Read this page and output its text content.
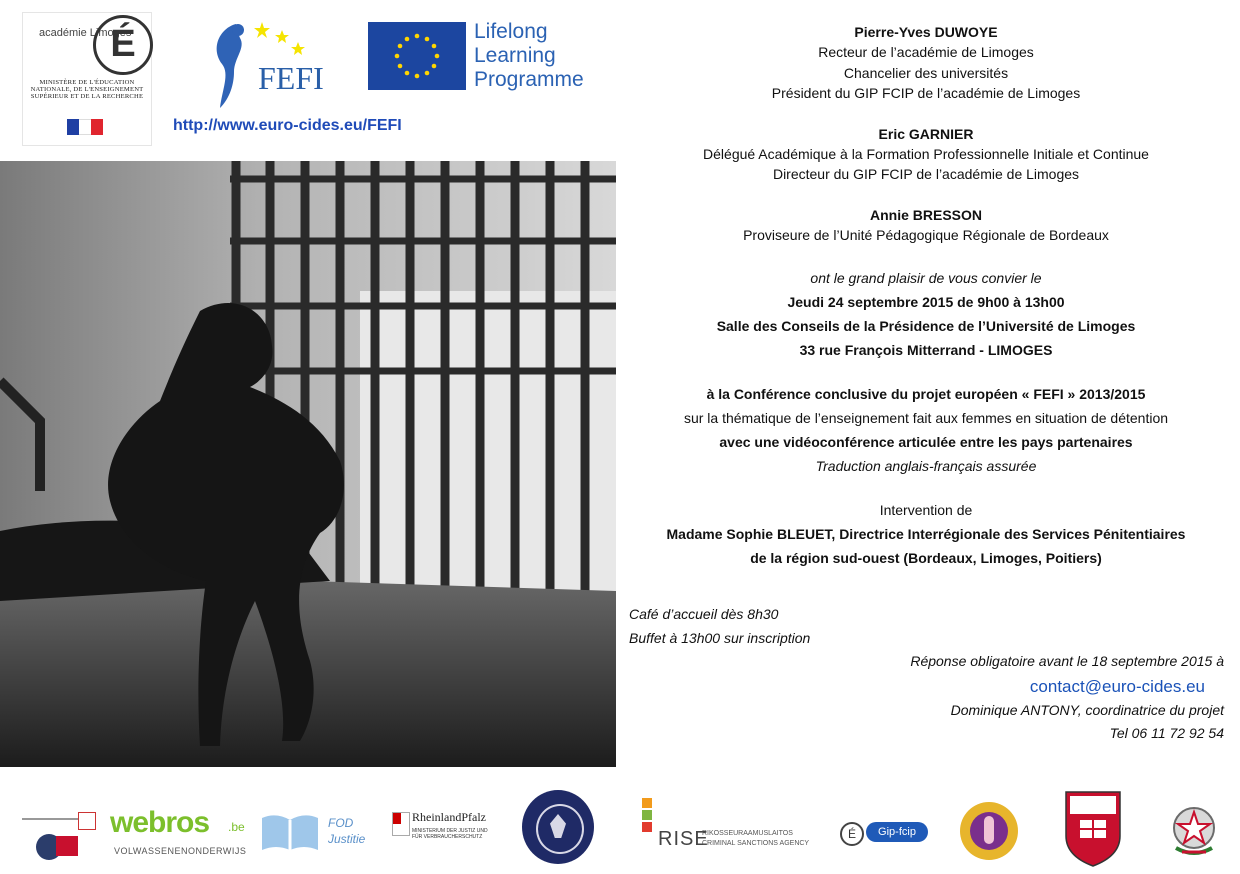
académie Limoges
É
MINISTÈRE DE L'ÉDUCATION NATIONALE, DE L'ENSEIGNEMENT SUPÉRIEUR ET DE LA RECHERCHE
FEFI
Lifelong
Learning
Programme
http://www.euro-cides.eu/FEFI

Pierre-Yves DUWOYE

Recteur de l’académie de Limoges

Chancelier des universités

Président du GIP FCIP de l’académie de Limoges

Eric GARNIER

Délégué Académique à la Formation Professionnelle Initiale et Continue

Directeur du GIP FCIP de l’académie de Limoges

Annie BRESSON

Proviseure de l’Unité Pédagogique Régionale de Bordeaux

ont le grand plaisir de vous convier le

Jeudi 24 septembre 2015 de 9h00 à 13h00

Salle des Conseils de la Présidence de l’Université de Limoges

33 rue François Mitterrand - LIMOGES

à la Conférence conclusive du projet européen « FEFI » 2013/2015

sur la thématique de l’enseignement fait aux femmes en situation de détention

avec une vidéoconférence articulée entre les pays partenaires

Traduction anglais-français assurée

Intervention de

Madame Sophie BLEUET, Directrice Interrégionale des Services Pénitentiaires

de la région sud-ouest (Bordeaux, Limoges, Poitiers)

Café d’accueil dès 8h30
Buffet à 13h00 sur inscription
Réponse obligatoire avant le 18 septembre 2015 à
contact@euro-cides.eu
Dominique ANTONY, coordinatrice du projet
Tel 06 11 72 92 54
webros .be
VOLWASSENENONDERWIJS
FOD
Justitie
RheinlandPfalz
MINISTERIUM DER JUSTIZ UND FÜR VERBRAUCHERSCHUTZ	RISE
RIKOSSEURAAMUSLAITOS
CRIMINAL SANCTIONS AGENCY
É	Gip-fcip
